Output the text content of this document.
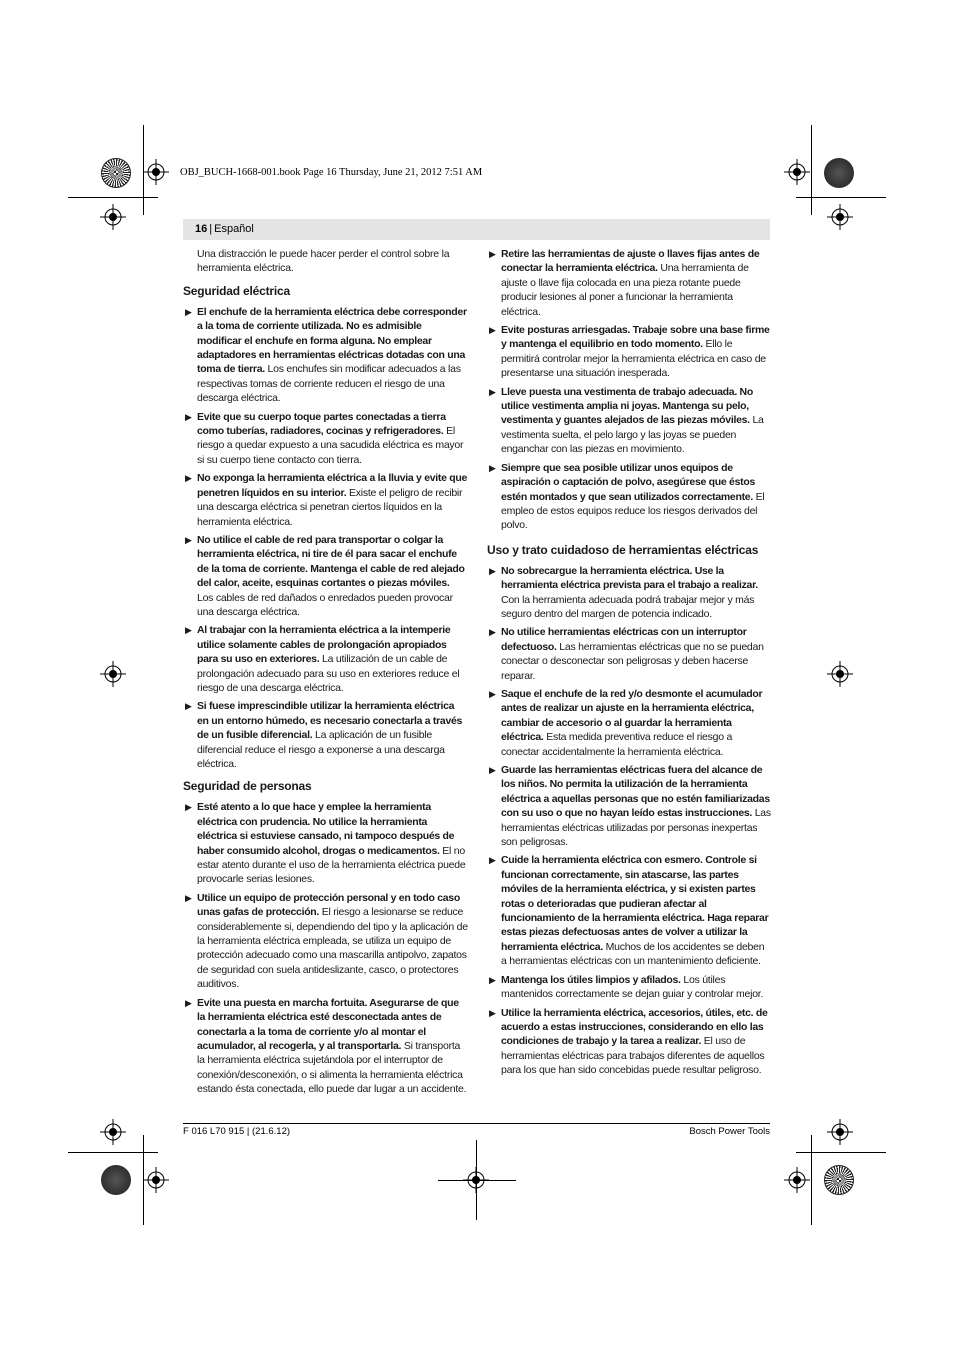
OBJ_BUCH-1668-001.book Page 16 Thursday, June 21, 2012 7:51 AM
16 | Español

Una distracción le puede hacer perder el control sobre la herramienta eléctrica.

Seguridad eléctrica
▶ El enchufe de la herramienta eléctrica debe corresponder a la toma de corriente utilizada. No es admisible modificar el enchufe en forma alguna. No emplear adaptadores en herramientas eléctricas dotadas con una toma de tierra. Los enchufes sin modificar adecuados a las respectivas tomas de corriente reducen el riesgo de una descarga eléctrica.
▶ Evite que su cuerpo toque partes conectadas a tierra como tuberías, radiadores, cocinas y refrigeradores. El riesgo a quedar expuesto a una sacudida eléctrica es mayor si su cuerpo tiene contacto con tierra.
▶ No exponga la herramienta eléctrica a la lluvia y evite que penetren líquidos en su interior. Existe el peligro de recibir una descarga eléctrica si penetran ciertos líquidos en la herramienta eléctrica.
▶ No utilice el cable de red para transportar o colgar la herramienta eléctrica, ni tire de él para sacar el enchufe de la toma de corriente. Mantenga el cable de red alejado del calor, aceite, esquinas cortantes o piezas móviles. Los cables de red dañados o enredados pueden provocar una descarga eléctrica.
▶ Al trabajar con la herramienta eléctrica a la intemperie utilice solamente cables de prolongación apropiados para su uso en exteriores. La utilización de un cable de prolongación adecuado para su uso en exteriores reduce el riesgo de una descarga eléctrica.
▶ Si fuese imprescindible utilizar la herramienta eléctrica en un entorno húmedo, es necesario conectarla a través de un fusible diferencial. La aplicación de un fusible diferencial reduce el riesgo a exponerse a una descarga eléctrica.
Seguridad de personas
▶ Esté atento a lo que hace y emplee la herramienta eléctrica con prudencia. No utilice la herramienta eléctrica si estuviese cansado, ni tampoco después de haber consumido alcohol, drogas o medicamentos. El no estar atento durante el uso de la herramienta eléctrica puede provocarle serias lesiones.
▶ Utilice un equipo de protección personal y en todo caso unas gafas de protección. El riesgo a lesionarse se reduce considerablemente si, dependiendo del tipo y la aplicación de la herramienta eléctrica empleada, se utiliza un equipo de protección adecuado como una mascarilla antipolvo, zapatos de seguridad con suela antideslizante, casco, o protectores auditivos.
▶ Evite una puesta en marcha fortuita. Asegurarse de que la herramienta eléctrica esté desconectada antes de conectarla a la toma de corriente y/o al montar el acumulador, al recogerla, y al transportarla. Si transporta la herramienta eléctrica sujetándola por el interruptor de conexión/desconexión, o si alimenta la herramienta eléctrica estando ésta conectada, ello puede dar lugar a un accidente.
▶ Retire las herramientas de ajuste o llaves fijas antes de conectar la herramienta eléctrica. Una herramienta de ajuste o llave fija colocada en una pieza rotante puede producir lesiones al poner a funcionar la herramienta eléctrica.
▶ Evite posturas arriesgadas. Trabaje sobre una base firme y mantenga el equilibrio en todo momento. Ello le permitirá controlar mejor la herramienta eléctrica en caso de presentarse una situación inesperada.
▶ Lleve puesta una vestimenta de trabajo adecuada. No utilice vestimenta amplia ni joyas. Mantenga su pelo, vestimenta y guantes alejados de las piezas móviles. La vestimenta suelta, el pelo largo y las joyas se pueden enganchar con las piezas en movimiento.
▶ Siempre que sea posible utilizar unos equipos de aspiración o captación de polvo, asegúrese que éstos estén montados y que sean utilizados correctamente. El empleo de estos equipos reduce los riesgos derivados del polvo.
Uso y trato cuidadoso de herramientas eléctricas
▶ No sobrecargue la herramienta eléctrica. Use la herramienta eléctrica prevista para el trabajo a realizar. Con la herramienta adecuada podrá trabajar mejor y más seguro dentro del margen de potencia indicado.
▶ No utilice herramientas eléctricas con un interruptor defectuoso. Las herramientas eléctricas que no se puedan conectar o desconectar son peligrosas y deben hacerse reparar.
▶ Saque el enchufe de la red y/o desmonte el acumulador antes de realizar un ajuste en la herramienta eléctrica, cambiar de accesorio o al guardar la herramienta eléctrica. Esta medida preventiva reduce el riesgo a conectar accidentalmente la herramienta eléctrica.
▶ Guarde las herramientas eléctricas fuera del alcance de los niños. No permita la utilización de la herramienta eléctrica a aquellas personas que no estén familiarizadas con su uso o que no hayan leído estas instrucciones. Las herramientas eléctricas utilizadas por personas inexpertas son peligrosas.
▶ Cuide la herramienta eléctrica con esmero. Controle si funcionan correctamente, sin atascarse, las partes móviles de la herramienta eléctrica, y si existen partes rotas o deterioradas que pudieran afectar al funcionamiento de la herramienta eléctrica. Haga reparar estas piezas defectuosas antes de volver a utilizar la herramienta eléctrica. Muchos de los accidentes se deben a herramientas eléctricas con un mantenimiento deficiente.
▶ Mantenga los útiles limpios y afilados. Los útiles mantenidos correctamente se dejan guiar y controlar mejor.
▶ Utilice la herramienta eléctrica, accesorios, útiles, etc. de acuerdo a estas instrucciones, considerando en ello las condiciones de trabajo y la tarea a realizar. El uso de herramientas eléctricas para trabajos diferentes de aquellos para los que han sido concebidas puede resultar peligroso.
F 016 L70 915 | (21.6.12)	Bosch Power Tools
